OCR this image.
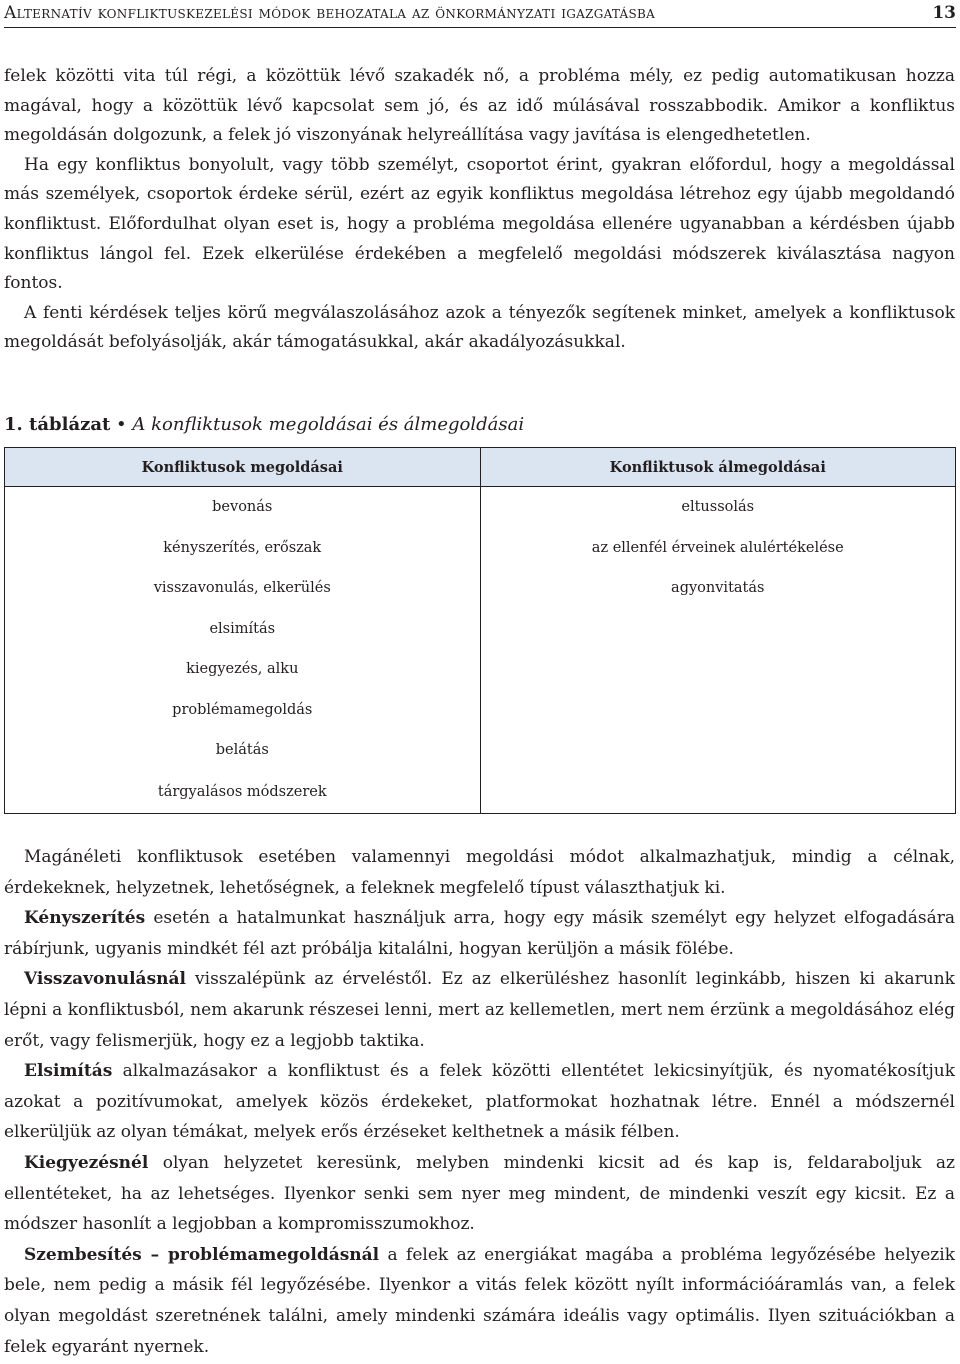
Alternatív konfliktuskezelési módok behozatala az önkormányzati igazgatásba	13

felek közötti vita túl régi, a közöttük lévő szakadék nő, a probléma mély, ez pedig automatikusan hozza magával, hogy a közöttük lévő kapcsolat sem jó, és az idő múlásával rosszabbodik. Amikor a konfliktus megoldásán dolgozunk, a felek jó viszonyának helyreállítása vagy javítása is elengedhetetlen.

Ha egy konfliktus bonyolult, vagy több személyt, csoportot érint, gyakran előfordul, hogy a megoldással más személyek, csoportok érdeke sérül, ezért az egyik konfliktus megoldása létrehoz egy újabb megoldandó konfliktust. Előfordulhat olyan eset is, hogy a probléma megoldása ellenére ugyanabban a kérdésben újabb konfliktus lángol fel. Ezek elkerülése érdekében a megfelelő megoldási módszerek kiválasztása nagyon fontos.

A fenti kérdések teljes körű megválaszolásához azok a tényezők segítenek minket, amelyek a konfliktusok megoldását befolyásolják, akár támogatásukkal, akár akadályozásukkal.

1. táblázat • A konfliktusok megoldásai és álmegoldásai
Konfliktusok megoldásai	Konfliktusok álmegoldásai
bevonás	eltussolás
kényszerítés, erőszak	az ellenfél érveinek alulértékelése
visszavonulás, elkerülés	agyonvitatás
elsimítás	
kiegyezés, alku	
problémamegoldás	
belátás	
tárgyalásos módszerek	

Magánéleti konfliktusok esetében valamennyi megoldási módot alkalmazhatjuk, mindig a célnak, érdekeknek, helyzetnek, lehetőségnek, a feleknek megfelelő típust választhatjuk ki.

Kényszerítés esetén a hatalmunkat használjuk arra, hogy egy másik személyt egy helyzet elfogadására rábírjunk, ugyanis mindkét fél azt próbálja kitalálni, hogyan kerüljön a másik fölébe.

Visszavonulásnál visszalépünk az érveléstől. Ez az elkerüléshez hasonlít leginkább, hiszen ki akarunk lépni a konfliktusból, nem akarunk részesei lenni, mert az kellemetlen, mert nem érzünk a megoldásához elég erőt, vagy felismerjük, hogy ez a legjobb taktika.

Elsimítás alkalmazásakor a konfliktust és a felek közötti ellentétet lekicsinyítjük, és nyomatékosítjuk azokat a pozitívumokat, amelyek közös érdekeket, platformokat hozhatnak létre. Ennél a módszernél elkerüljük az olyan témákat, melyek erős érzéseket kelthetnek a másik félben.

Kiegyezésnél olyan helyzetet keresünk, melyben mindenki kicsit ad és kap is, feldaraboljuk az ellentéteket, ha az lehetséges. Ilyenkor senki sem nyer meg mindent, de mindenki veszít egy kicsit. Ez a módszer hasonlít a legjobban a kompromisszumokhoz.

Szembesítés – problémamegoldásnál a felek az energiákat magába a probléma legyőzésébe helyezik bele, nem pedig a másik fél legyőzésébe. Ilyenkor a vitás felek között nyílt információáramlás van, a felek olyan megoldást szeretnének találni, amely mindenki számára ideális vagy optimális. Ilyen szituációkban a felek egyaránt nyernek.
